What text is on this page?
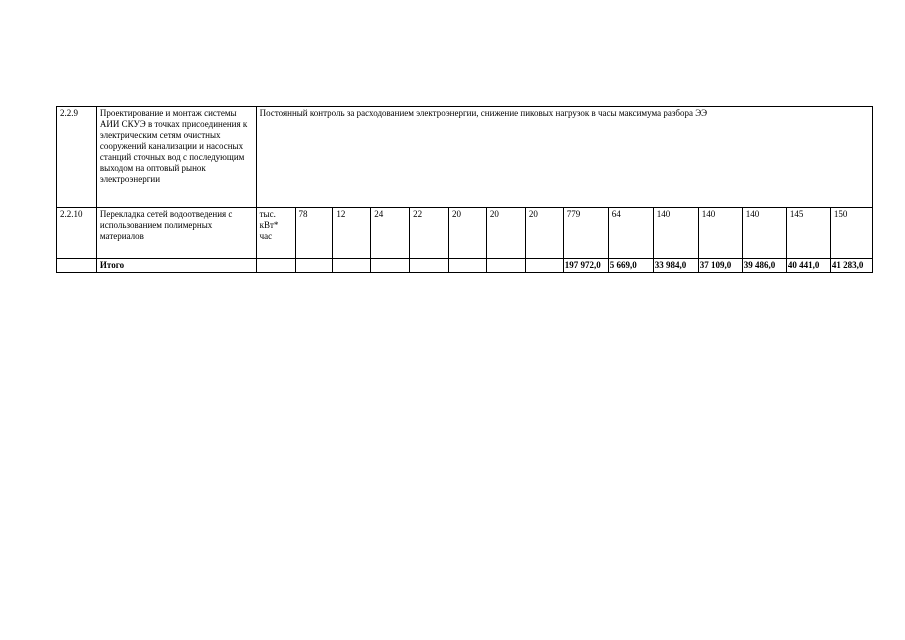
2.2.9	Проектирование и монтаж системы АИИ СКУЭ в точках присоединения к электрическим сетям очистных сооружений канализации и насосных станций сточных вод с последующим выходом на оптовый рынок электроэнергии	Постоянный контроль за расходованием электроэнергии, снижение пиковых нагрузок в часы максимума разбора ЭЭ														
2.2.10	Перекладка сетей водоотведения с использованием полимерных материалов	тыс. кВт* час	78	12	24	22	20	20	20	779	64	140	140	140	145	150
	Итого									197 972,0	5 669,0	33 984,0	37 109,0	39 486,0	40 441,0	41 283,0
